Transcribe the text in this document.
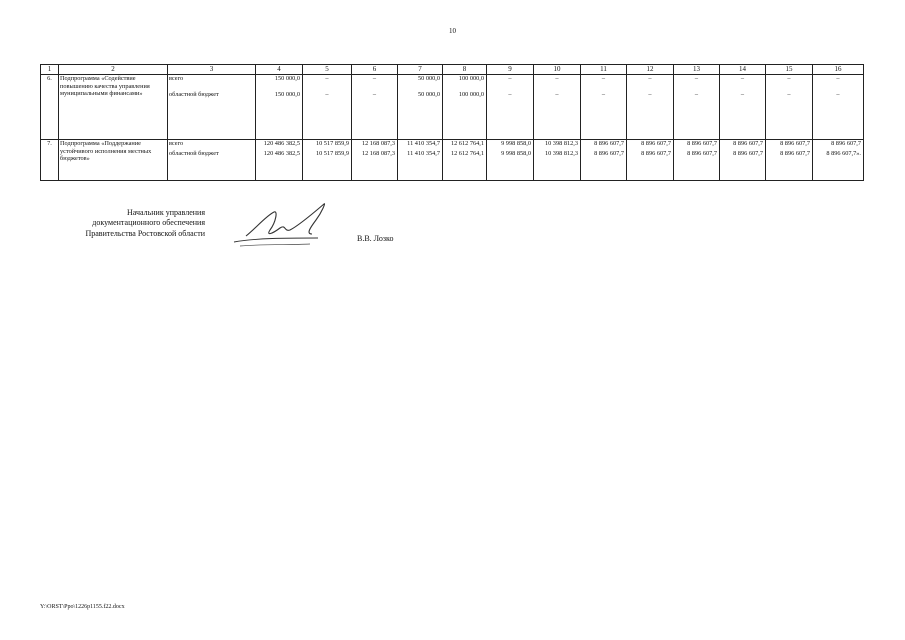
10
1	2	3	4	5	6	7	8	9	10	11	12	13	14	15	16
6.	Подпрограмма «Содействие повышению качества управления муниципальными финансами»	всего	150 000,0	–	–	50 000,0	100 000,0	–	–	–	–	–	–	–	–
		областной бюджет	150 000,0	–	–	50 000,0	100 000,0	–	–	–	–	–	–	–	–
7.	Подпрограмма «Поддержание устойчивого исполнения местных бюджетов»	всего	120 486 382,5	10 517 859,9	12 168 087,3	11 410 354,7	12 612 764,1	9 998 858,0	10 398 812,3	8 896 607,7	8 896 607,7	8 896 607,7	8 896 607,7	8 896 607,7	8 896 607,7
		областной бюджет	120 486 382,5	10 517 859,9	12 168 087,3	11 410 354,7	12 612 764,1	9 998 858,0	10 398 812,3	8 896 607,7	8 896 607,7	8 896 607,7	8 896 607,7	8 896 607,7	8 896 607,7».
Начальник управления
документационного обеспечения
Правительства Ростовской области
В.В. Лозко
Y:\ORST\Ppo\1226p1155.f22.docx
